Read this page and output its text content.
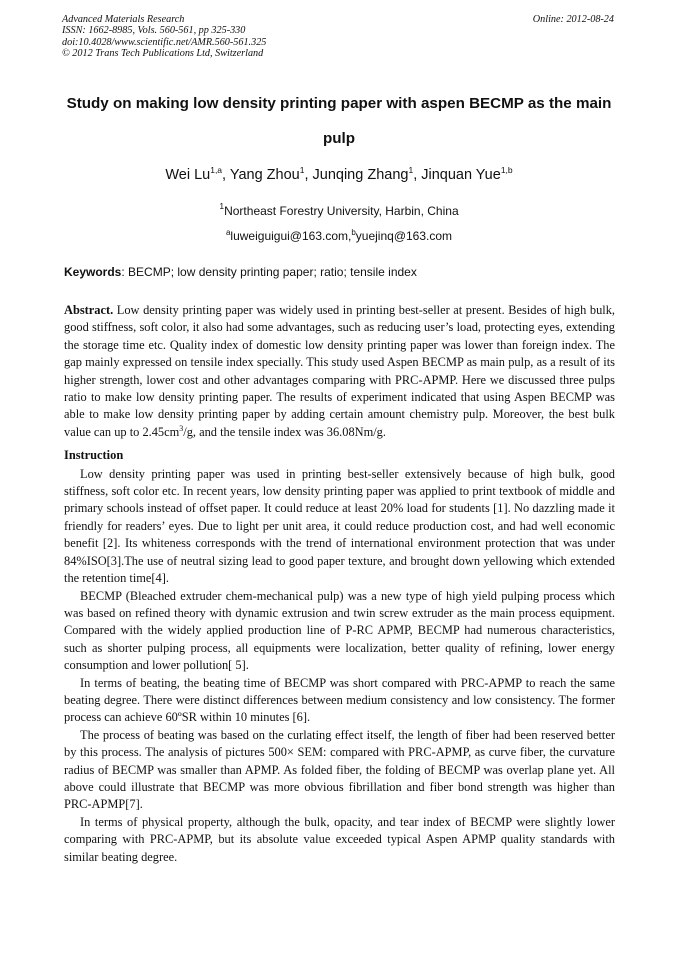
Advanced Materials Research
ISSN: 1662-8985, Vols. 560-561, pp 325-330
doi:10.4028/www.scientific.net/AMR.560-561.325
© 2012 Trans Tech Publications Ltd, Switzerland
Online: 2012-08-24
Study on making low density printing paper with aspen BECMP as the main pulp
Wei Lu$^{1,a}$, Yang Zhou$^1$, Junqing Zhang$^1$, Jinquan Yue$^{1,b}$
$^1$Northeast Forestry University, Harbin, China
$^a$luweiguigui@163.com,$^b$yuejinq@163.com
Keywords: BECMP; low density printing paper; ratio; tensile index

Abstract. Low density printing paper was widely used in printing best-seller at present. Besides of high bulk, good stiffness, soft color, it also had some advantages, such as reducing user’s load, protecting eyes, extending the storage time etc. Quality index of domestic low density printing paper was lower than foreign index. The gap mainly expressed on tensile index specially. This study used Aspen BECMP as main pulp, as a result of its higher strength, lower cost and other advantages comparing with PRC-APMP. Here we discussed three pulps ratio to make low density printing paper. The results of experiment indicated that using Aspen BECMP was able to make low density printing paper by adding certain amount chemistry pulp. Moreover, the best bulk value can up to $2.45cm^3/g$, and the tensile index was 36.08Nm/g.

Instruction

Low density printing paper was used in printing best-seller extensively because of high bulk, good stiffness, soft color etc. In recent years, low density printing paper was applied to print textbook of middle and primary schools instead of offset paper. It could reduce at least 20% load for students [1]. No dazzling made it friendly for readers’ eyes. Due to light per unit area, it could reduce production cost, and had well economic benefit [2]. Its whiteness corresponds with the trend of international environment protection that was under 84%ISO[3].The use of neutral sizing lead to good paper texture, and brought down yellowing which extended the retention time[4].

BECMP (Bleached extruder chem-mechanical pulp) was a new type of high yield pulping process which was based on refined theory with dynamic extrusion and twin screw extruder as the main process equipment. Compared with the widely applied production line of P-RC APMP, BECMP had numerous characteristics, such as shorter pulping process, all equipments were localization, better quality of refining, lower energy consumption and lower pollution[ 5].

In terms of beating, the beating time of BECMP was short compared with PRC-APMP to reach the same beating degree. There were distinct differences between medium consistency and low consistency. The former process can achieve 60ºSR within 10 minutes [6].

The process of beating was based on the curlating effect itself, the length of fiber had been reserved better by this process. The analysis of pictures 500× SEM: compared with PRC-APMP, as curve fiber, the curvature radius of BECMP was smaller than APMP. As folded fiber, the folding of BECMP was overlap plane yet. All above could illustrate that BECMP was more obvious fibrillation and fiber bond strength was higher than PRC-APMP[7].

In terms of physical property, although the bulk, opacity, and tear index of BECMP were slightly lower comparing with PRC-APMP, but its absolute value exceeded typical Aspen APMP quality standards with similar beating degree.
